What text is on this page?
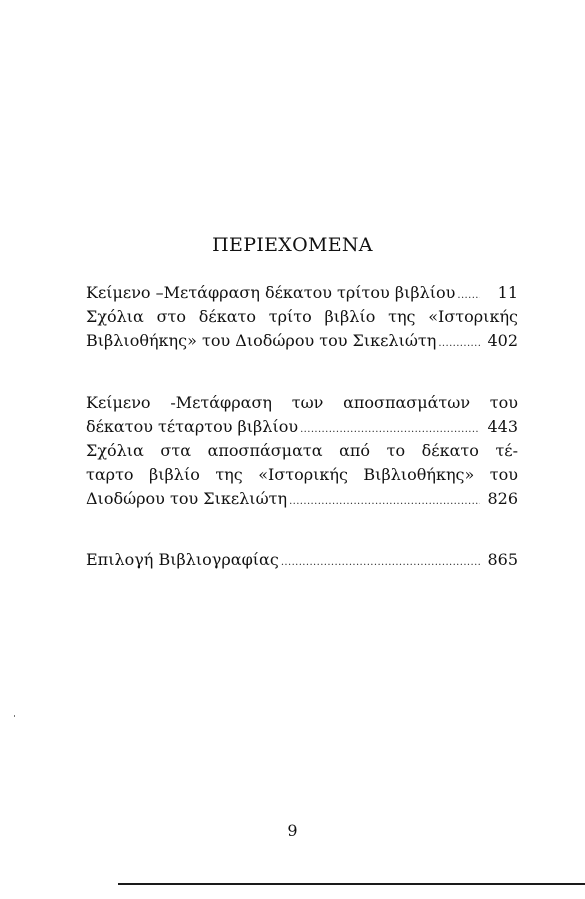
ΠΕΡΙΕΧΟΜΕΝΑ
Κείμενο –Μετάφραση δέκατου τρίτου βιβλίου .....	11
Σχόλια στο δέκατο τρίτο βιβλίο της «Ιστορικής
Βιβλιοθήκης» του Διοδώρου του Σικελιώτη .....	402
Κείμενο -Μετάφραση των αποσπασμάτων του
δέκατου τέταρτου βιβλίου .....	443
Σχόλια στα αποσπάσματα από το δέκατο τέ-
ταρτο βιβλίο της «Ιστορικής Βιβλιοθήκης» του
Διοδώρου του Σικελιώτη .....	826
Επιλογή Βιβλιογραφίας .....	865
9
